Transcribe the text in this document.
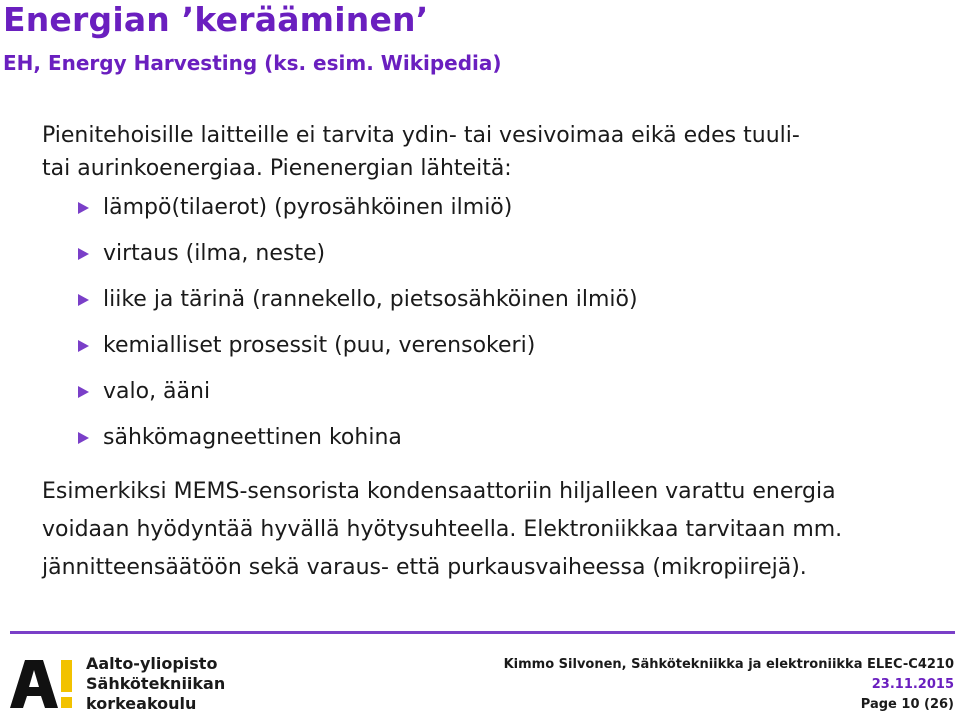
Energian ’kerääminen’
EH, Energy Harvesting (ks. esim. Wikipedia)

Pienitehoisille laitteille ei tarvita ydin- tai vesivoimaa eikä edes tuuli-
tai aurinkoenergiaa. Pienenergian lähteitä:

lämpö(tilaerot) (pyrosähköinen ilmiö)
virtaus (ilma, neste)
liike ja tärinä (rannekello, pietsosähköinen ilmiö)
kemialliset prosessit (puu, verensokeri)
valo, ääni
sähkömagneettinen kohina

Esimerkiksi MEMS-sensorista kondensaattoriin hiljalleen varattu energia
voidaan hyödyntää hyvällä hyötysuhteella. Elektroniikkaa tarvitaan mm.
jännitteensäätöön sekä varaus- että purkausvaiheessa (mikropiirejä).

Aalto-yliopisto
Sähkötekniikan
korkeakoulu
Kimmo Silvonen, Sähkötekniikka ja elektroniikka ELEC-C4210
23.11.2015
Page 10 (26)
